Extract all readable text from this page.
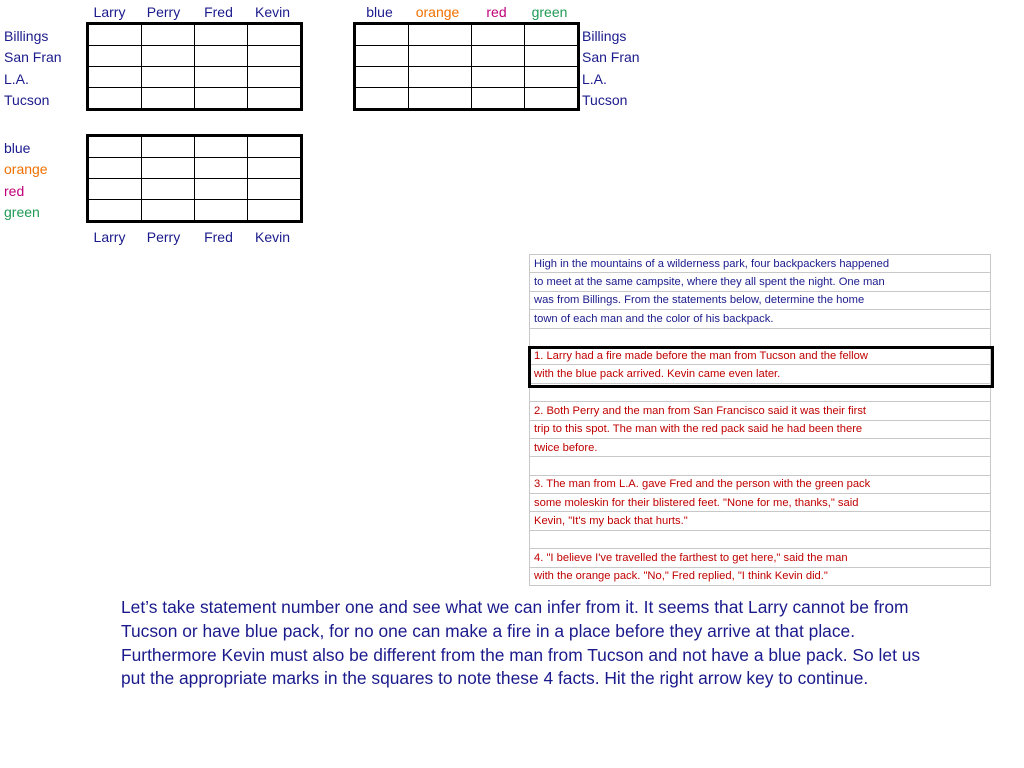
Larry	Perry	Fred	Kevin
Billings
San Fran
L.A.
Tucson

blue	orange	red	green

Billings
San Fran
L.A.
Tucson
blue
orange
red
green

Larry	Perry	Fred	Kevin
High in the mountains of a wilderness park, four backpackers happened
to meet at the same campsite, where they all spent the night. One man
was from Billings. From the statements below, determine the home
town of each man and the color of his backpack.

1. Larry had a fire made before the man from Tucson and the fellow
with the blue pack arrived. Kevin came even later.

2. Both Perry and the man from San Francisco said it was their first
trip to this spot. The man with the red pack said he had been there
twice before.

3. The man from L.A. gave Fred and the person with the green pack
some moleskin for their blistered feet. "None for me, thanks," said
Kevin, "It's my back that hurts."

4. "I believe I've travelled the farthest to get here," said the man
with the orange pack. "No," Fred replied, "I think Kevin did."
Let’s take statement number one and see what we can infer from it. It seems that Larry cannot be from Tucson or have blue pack, for no one can make a fire in a place before they arrive at that place. Furthermore Kevin must also be different from the man from Tucson and not have a blue pack. So let us put the appropriate marks in the squares to note these 4 facts. Hit the right arrow key to continue.
